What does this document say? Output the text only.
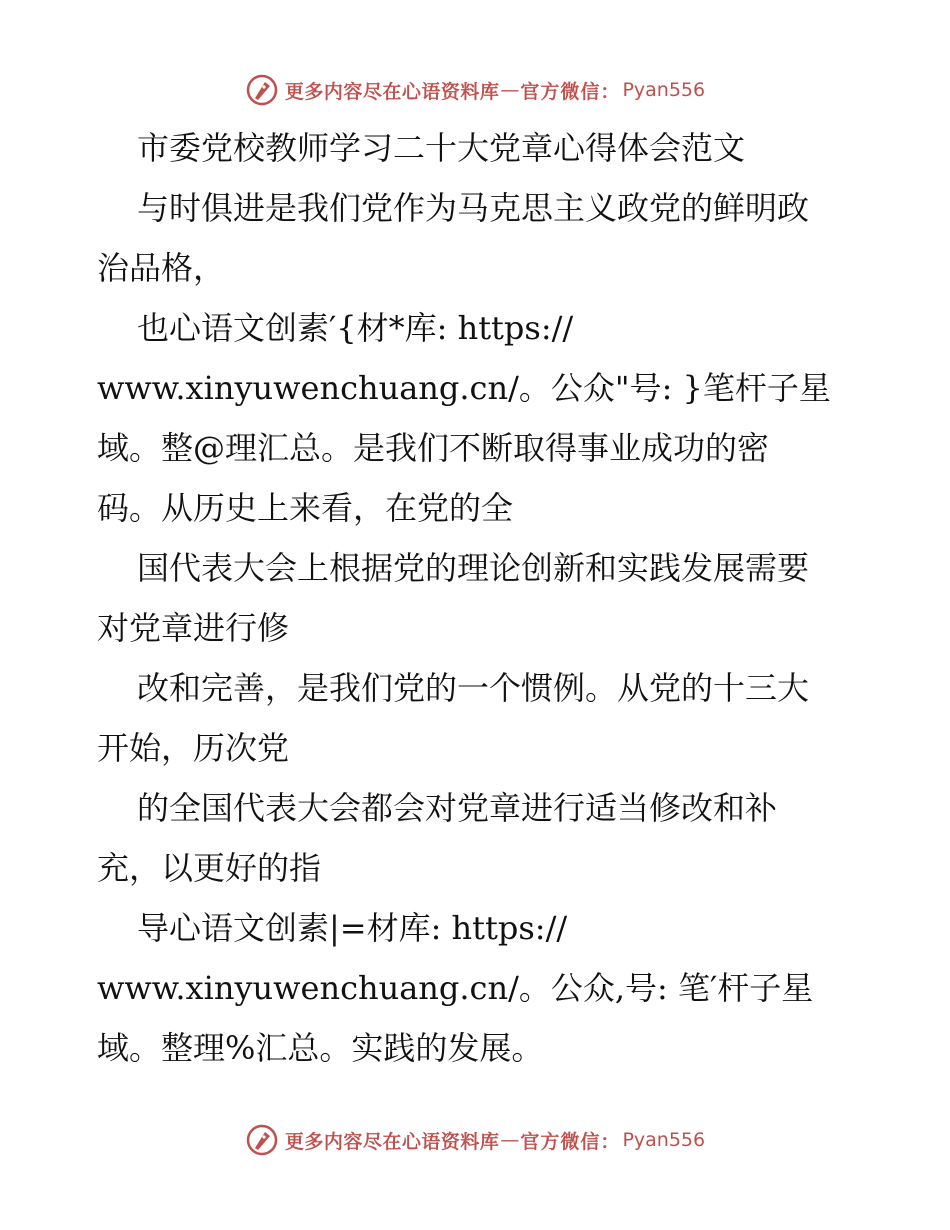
更多内容尽在心语资料库 — 官方微信： Pyan556
市委党校教师学习二十大党章心得体会范文
与时俱进是我们党作为马克思主义政党的鲜明政
治品格，
也心语文创素′{材*库: https://
www.xinyuwenchuang.cn/。公众"号: }笔杆子星
域。整@理汇总。是我们不断取得事业成功的密
码。从历史上来看，在党的全
国代表大会上根据党的理论创新和实践发展需要
对党章进行修
改和完善，是我们党的一个惯例。从党的十三大
开始，历次党
的全国代表大会都会对党章进行适当修改和补
充，以更好的指
导心语文创素|=材库: https://
www.xinyuwenchuang.cn/。公众,号: 笔′杆子星
域。整理%汇总。实践的发展。
更多内容尽在心语资料库 — 官方微信： Pyan556
